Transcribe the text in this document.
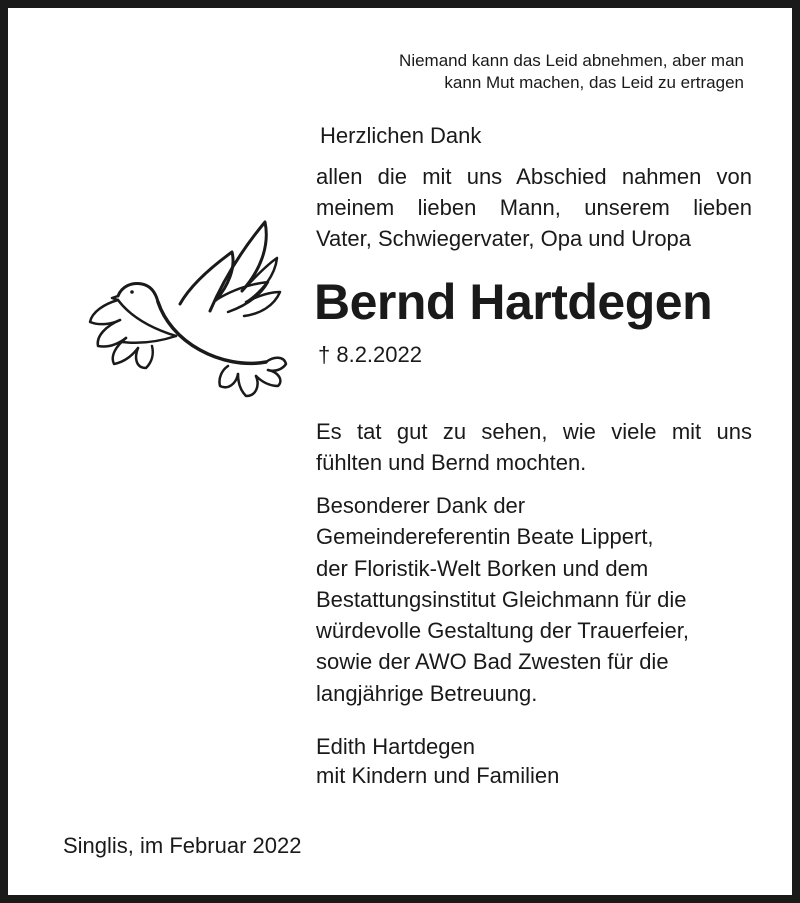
Niemand kann das Leid abnehmen, aber man
kann Mut machen, das Leid zu ertragen
Herzlichen Dank
allen die mit uns Abschied nahmen von
meinem lieben Mann, unserem lieben
Vater, Schwiegervater, Opa und Uropa
Bernd Hartdegen
† 8.2.2022
Es tat gut zu sehen, wie viele mit uns
fühlten und Bernd mochten.
Besonderer Dank der
Gemeindereferentin Beate Lippert,
der Floristik-Welt Borken und dem
Bestattungsinstitut Gleichmann für die
würdevolle Gestaltung der Trauerfeier,
sowie der AWO Bad Zwesten für die
langjährige Betreuung.
Edith Hartdegen
mit Kindern und Familien
Singlis, im Februar 2022
